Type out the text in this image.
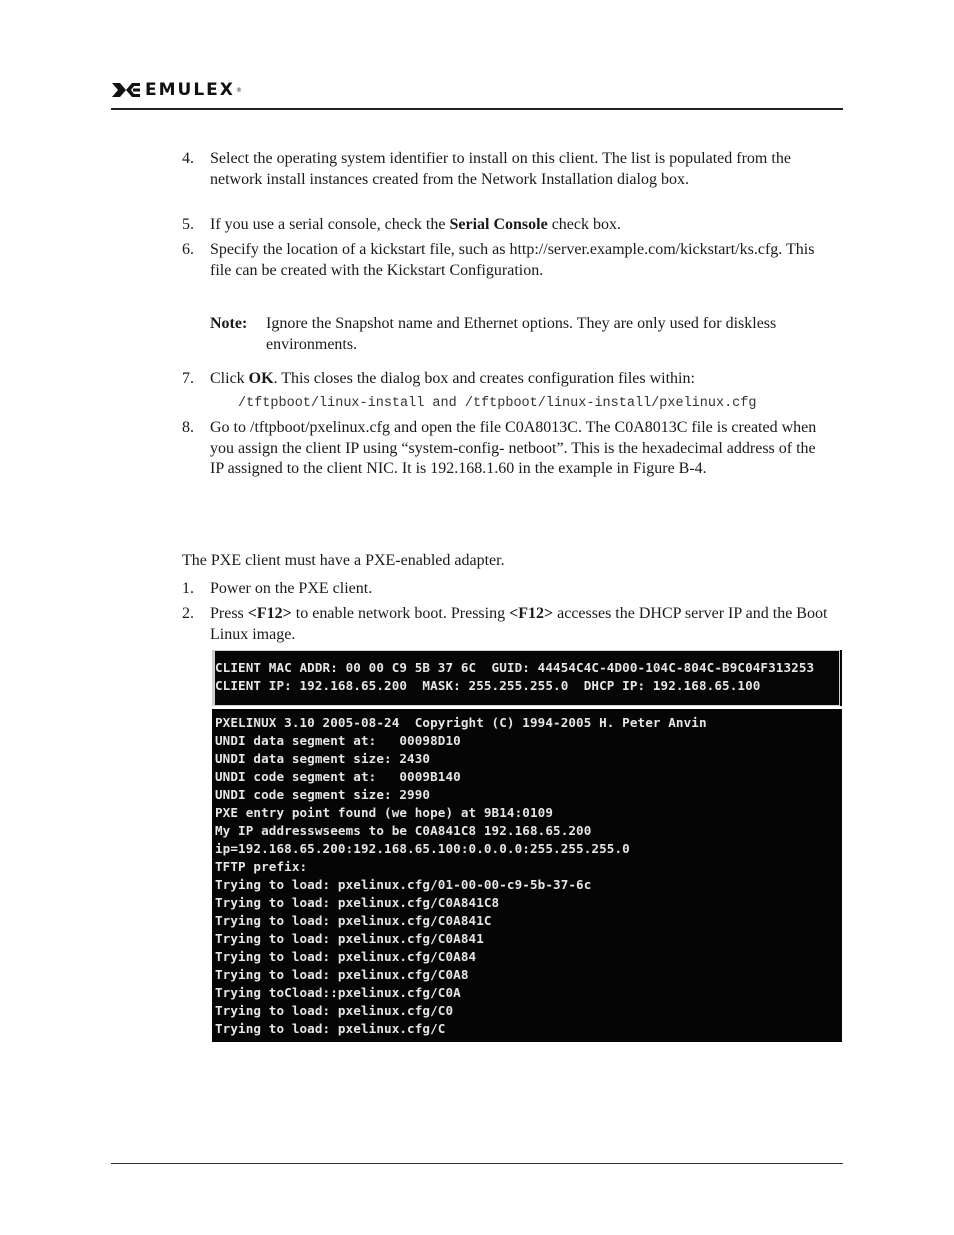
EMULEX ®
4. Select the operating system identifier to install on this client. The list is populated from the network install instances created from the Network Installation dialog box.
5. If you use a serial console, check the Serial Console check box.
6. Specify the location of a kickstart file, such as http://server.example.com/kickstart/ks.cfg. This file can be created with the Kickstart Configuration.
Note: Ignore the Snapshot name and Ethernet options. They are only used for diskless environments.
7. Click OK. This closes the dialog box and creates configuration files within:
/tftpboot/linux-install and /tftpboot/linux-install/pxelinux.cfg
8. Go to /tftpboot/pxelinux.cfg and open the file C0A8013C. The C0A8013C file is created when you assign the client IP using “system-config- netboot”. This is the hexadecimal address of the IP assigned to the client NIC. It is 192.168.1.60 in the example in Figure B-4.
The PXE client must have a PXE-enabled adapter.
1. Power on the PXE client.
2. Press <F12> to enable network boot. Pressing <F12> accesses the DHCP server IP and the Boot Linux image.
CLIENT MAC ADDR: 00 00 C9 5B 37 6C  GUID: 44454C4C-4D00-104C-804C-B9C04F313253
CLIENT IP: 192.168.65.200  MASK: 255.255.255.0  DHCP IP: 192.168.65.100
PXELINUX 3.10 2005-08-24  Copyright (C) 1994-2005 H. Peter Anvin
UNDI data segment at:   00098D10
UNDI data segment size: 2430
UNDI code segment at:   0009B140
UNDI code segment size: 2990
PXE entry point found (we hope) at 9B14:0109
My IP addresswseems to be C0A841C8 192.168.65.200
ip=192.168.65.200:192.168.65.100:0.0.0.0:255.255.255.0
TFTP prefix:
Trying to load: pxelinux.cfg/01-00-00-c9-5b-37-6c
Trying to load: pxelinux.cfg/C0A841C8
Trying to load: pxelinux.cfg/C0A841C
Trying to load: pxelinux.cfg/C0A841
Trying to load: pxelinux.cfg/C0A84
Trying to load: pxelinux.cfg/C0A8
Trying toCload::pxelinux.cfg/C0A
Trying to load: pxelinux.cfg/C0
Trying to load: pxelinux.cfg/C
